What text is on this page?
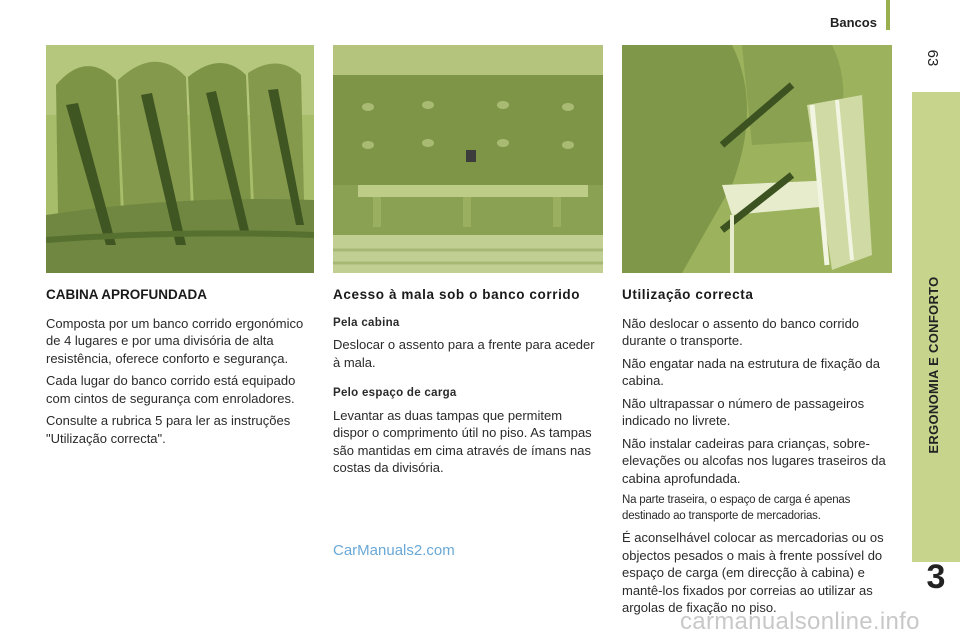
Bancos
63
ERGONOMIA E CONFORTO
3
CABINA APROFUNDADA

Composta por um banco corrido ergonómico de 4 lugares e por uma divisória de alta resistência, oferece conforto e segurança.

Cada lugar do banco corrido está equipado com cintos de segurança com enroladores.

Consulte a rubrica 5 para ler as instruções "Utilização correcta".

Acesso à mala sob o banco corrido
Pela cabina

Deslocar o assento para a frente para aceder à mala.

Pelo espaço de carga

Levantar as duas tampas que permitem dispor o comprimento útil no piso. As tampas são mantidas em cima através de ímans nas costas da divisória.

Utilização correcta

Não deslocar o assento do banco corrido durante o transporte.

Não engatar nada na estrutura de fixação da cabina.

Não ultrapassar o número de passageiros indicado no livrete.

Não instalar cadeiras para crianças, sobre-elevações ou alcofas nos lugares traseiros da cabina aprofundada.

Na parte traseira, o espaço de carga é apenas destinado ao transporte de mercadorias.

É aconselhável colocar as mercadorias ou os objectos pesados o mais à frente possível do espaço de carga (em direcção à cabina) e mantê-los fixados por correias ao utilizar as argolas de fixação no piso.

CarManuals2.com
carmanualsonline.info
